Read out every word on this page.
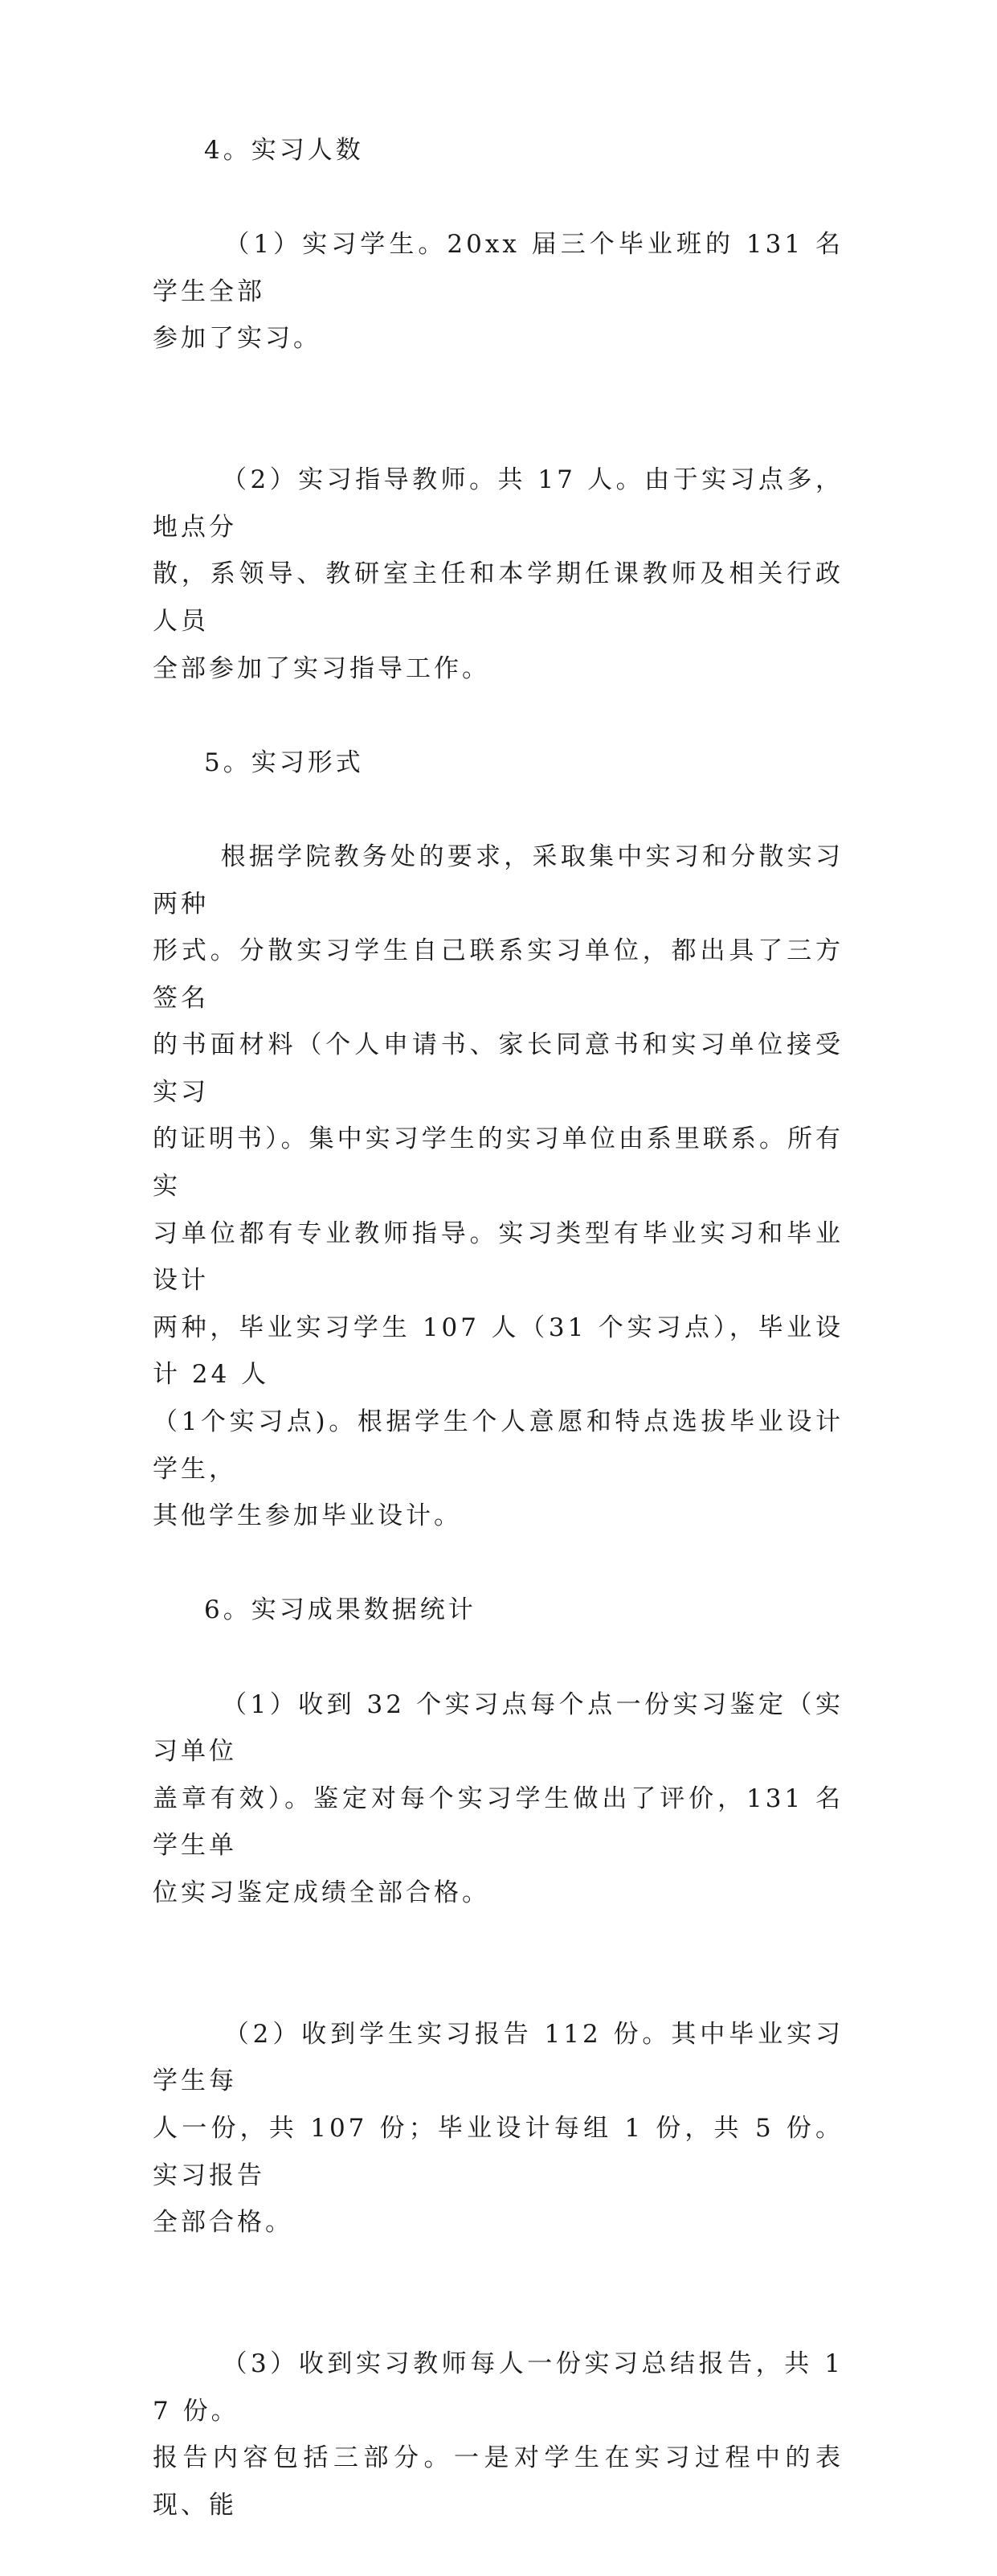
4。实习人数

（1）实习学生。20xx 届三个毕业班的 131 名学生全部
参加了实习。

（2）实习指导教师。共 17 人。由于实习点多，地点分
散，系领导、教研室主任和本学期任课教师及相关行政人员
全部参加了实习指导工作。

5。实习形式

根据学院教务处的要求，采取集中实习和分散实习两种
形式。分散实习学生自己联系实习单位，都出具了三方签名
的书面材料（个人申请书、家长同意书和实习单位接受实习
的证明书）。集中实习学生的实习单位由系里联系。所有实
习单位都有专业教师指导。实习类型有毕业实习和毕业设计
两种，毕业实习学生 107 人（31 个实习点），毕业设计 24 人
（1个实习点)。根据学生个人意愿和特点选拔毕业设计学生，
其他学生参加毕业设计。

6。实习成果数据统计

（1）收到 32 个实习点每个点一份实习鉴定（实习单位
盖章有效）。鉴定对每个实习学生做出了评价，131 名学生单
位实习鉴定成绩全部合格。

（2）收到学生实习报告 112 份。其中毕业实习学生每
人一份，共 107 份；毕业设计每组 1 份，共 5 份。实习报告
全部合格。

（3）收到实习教师每人一份实习总结报告，共 17 份。
报告内容包括三部分。一是对学生在实习过程中的表现、能
